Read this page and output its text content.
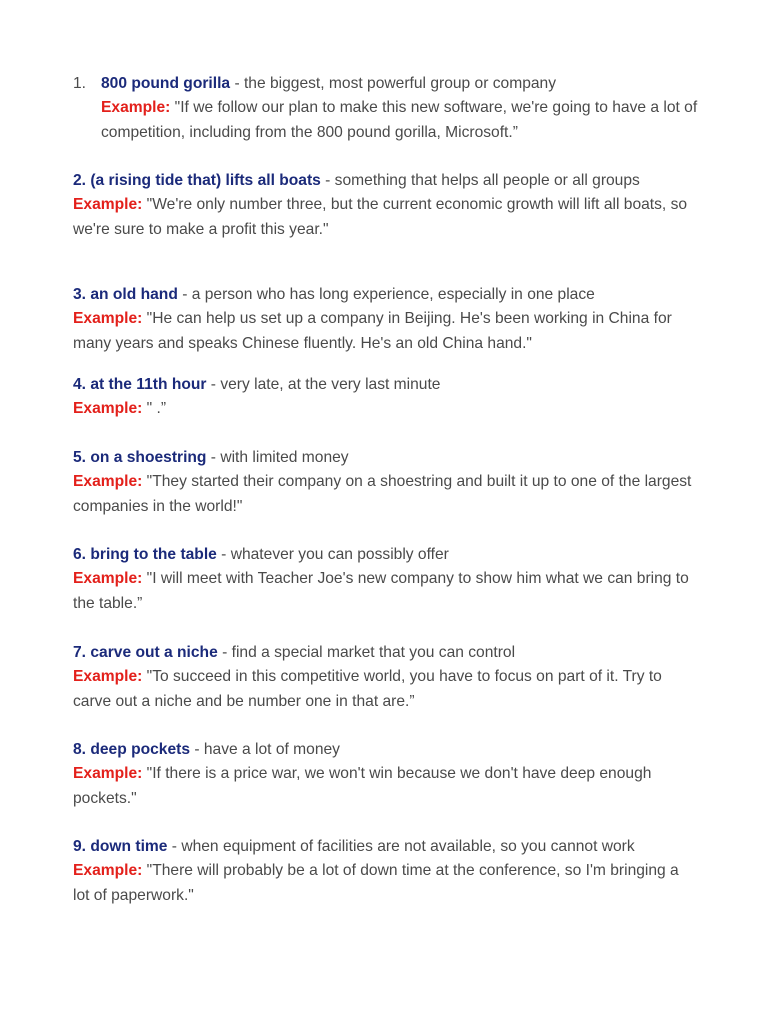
1. 800 pound gorilla - the biggest, most powerful group or company

Example: "If we follow our plan to make this new software, we're going to have a lot of competition, including from the 800 pound gorilla, Microsoft.”

2. (a rising tide that) lifts all boats - something that helps all people or all groups

Example: "We're only number three, but the current economic growth will lift all boats, so we're sure to make a profit this year."

3. an old hand - a person who has long experience, especially in one place

Example: "He can help us set up a company in Beijing. He's been working in China for many years and speaks Chinese fluently. He's an old China hand."

4. at the 11th hour - very late, at the very last minute

Example: " .”

5. on a shoestring - with limited money

Example: "They started their company on a shoestring and built it up to one of the largest companies in the world!"

6. bring to the table - whatever you can possibly offer

Example: "I will meet with Teacher Joe's new company to show him what we can bring to the table.”

7. carve out a niche - find a special market that you can control

Example: "To succeed in this competitive world, you have to focus on part of it. Try to carve out a niche and be number one in that are.”

8. deep pockets - have a lot of money

Example: "If there is a price war, we won't win because we don't have deep enough pockets."

9. down time - when equipment of facilities are not available, so you cannot work

Example: "There will probably be a lot of down time at the conference, so I'm bringing a lot of paperwork."
